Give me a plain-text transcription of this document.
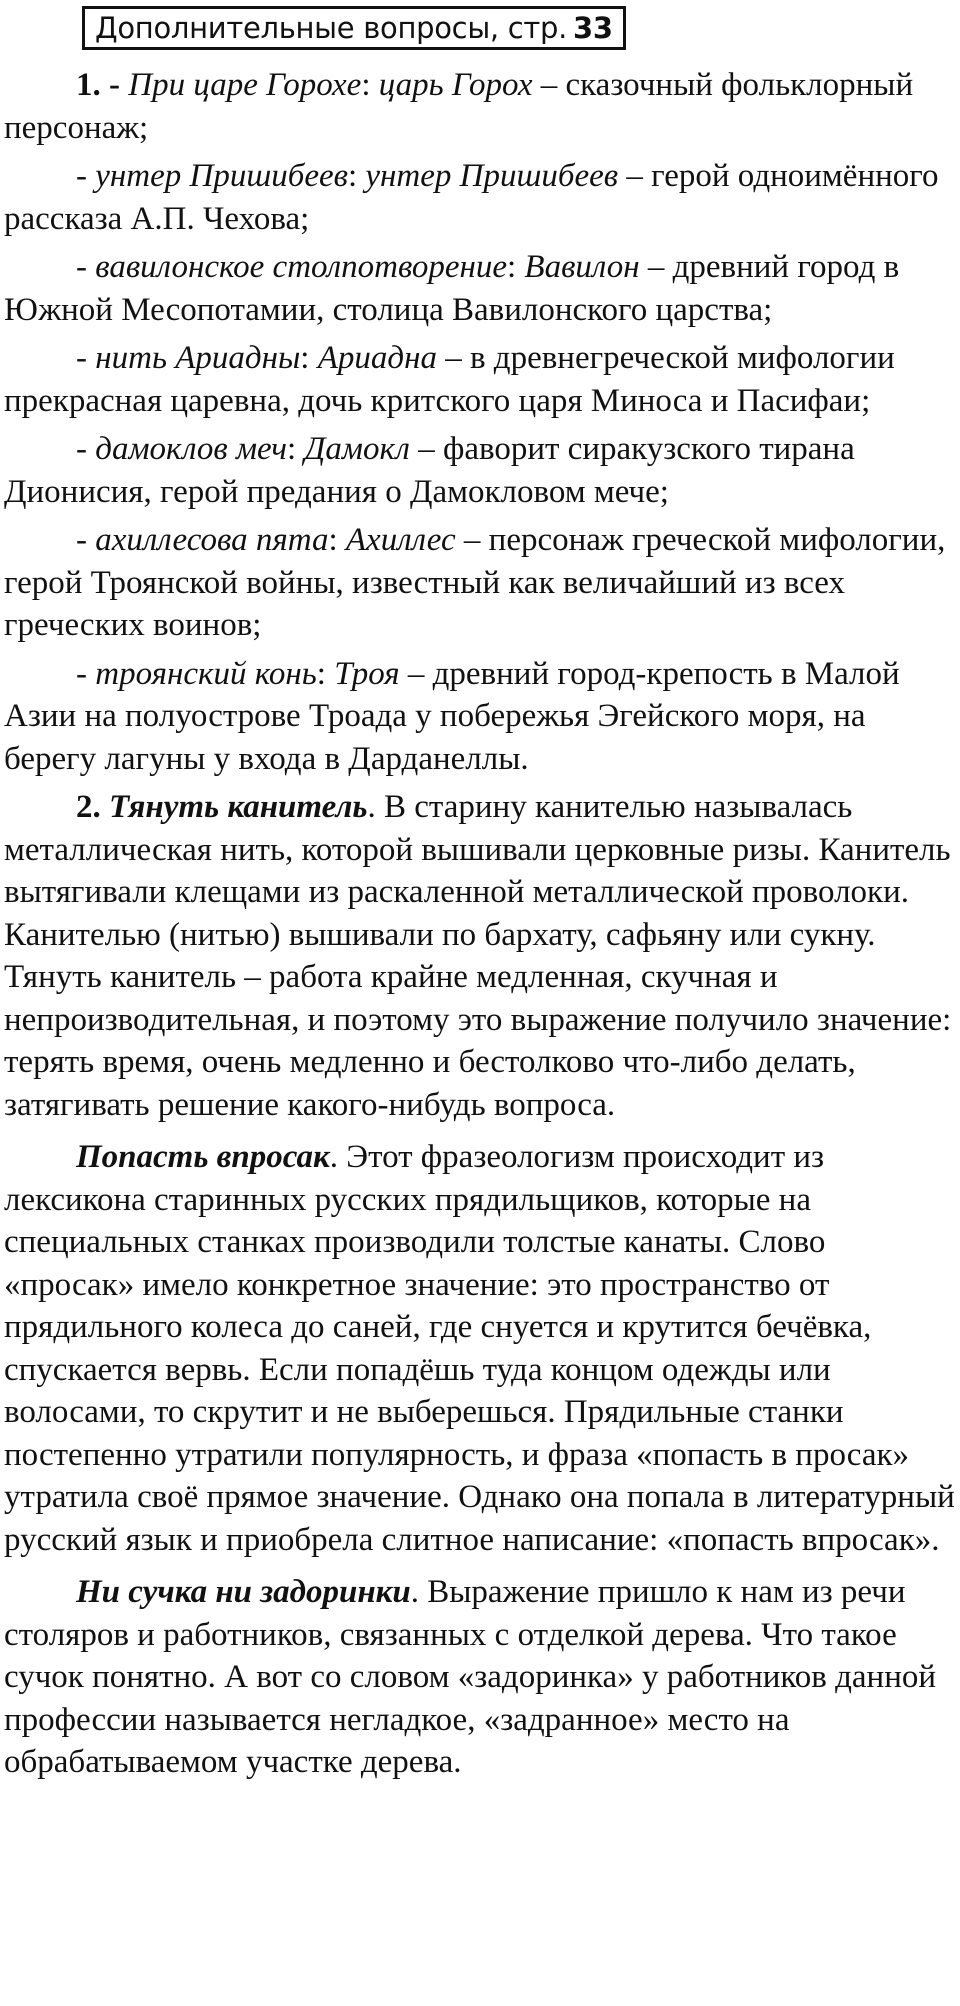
Дополнительные вопросы, стр. 33

1. - При царе Горохе: царь Горох – сказочный фольклорный персонаж;

- унтер Пришибеев: унтер Пришибеев – герой одноимённого рассказа А.П. Чехова;

- вавилонское столпотворение: Вавилон – древний город в Южной Месопотамии, столица Вавилонского царства;

- нить Ариадны: Ариадна – в древнегреческой мифологии прекрасная царевна, дочь критского царя Миноса и Пасифаи;

- дамоклов меч: Дамокл – фаворит сиракузского тирана Дионисия, герой предания о Дамокловом мече;

- ахиллесова пята: Ахиллес – персонаж греческой мифологии, герой Троянской войны, известный как величайший из всех греческих воинов;

- троянский конь: Троя – древний город-крепость в Малой Азии на полуострове Троада у побережья Эгейского моря, на берегу лагуны у входа в Дарданеллы.

2. Тянуть канитель. В старину канителью называлась металлическая нить, которой вышивали церковные ризы. Канитель вытягивали клещами из раскаленной металлической проволоки. Канителью (нитью) вышивали по бархату, сафьяну или сукну. Тянуть канитель – работа крайне медленная, скучная и непроизводительная, и поэтому это выражение получило значение: терять время, очень медленно и бестолково что-либо делать, затягивать решение какого-нибудь вопроса.

Попасть впросак. Этот фразеологизм происходит из лексикона старинных русских прядильщиков, которые на специальных станках производили толстые канаты. Слово «просак» имело конкретное значение: это пространство от прядильного колеса до саней, где снуется и крутится бечёвка, спускается вервь. Если попадёшь туда концом одежды или волосами, то скрутит и не выберешься. Прядильные станки постепенно утратили популярность, и фраза «попасть в просак» утратила своё прямое значение. Однако она попала в литературный русский язык и приобрела слитное написание: «попасть впросак».

Ни сучка ни задоринки. Выражение пришло к нам из речи столяров и работников, связанных с отделкой дерева. Что такое сучок понятно. А вот со словом «задоринка» у работников данной профессии называется негладкое, «задранное» место на обрабатываемом участке дерева.
